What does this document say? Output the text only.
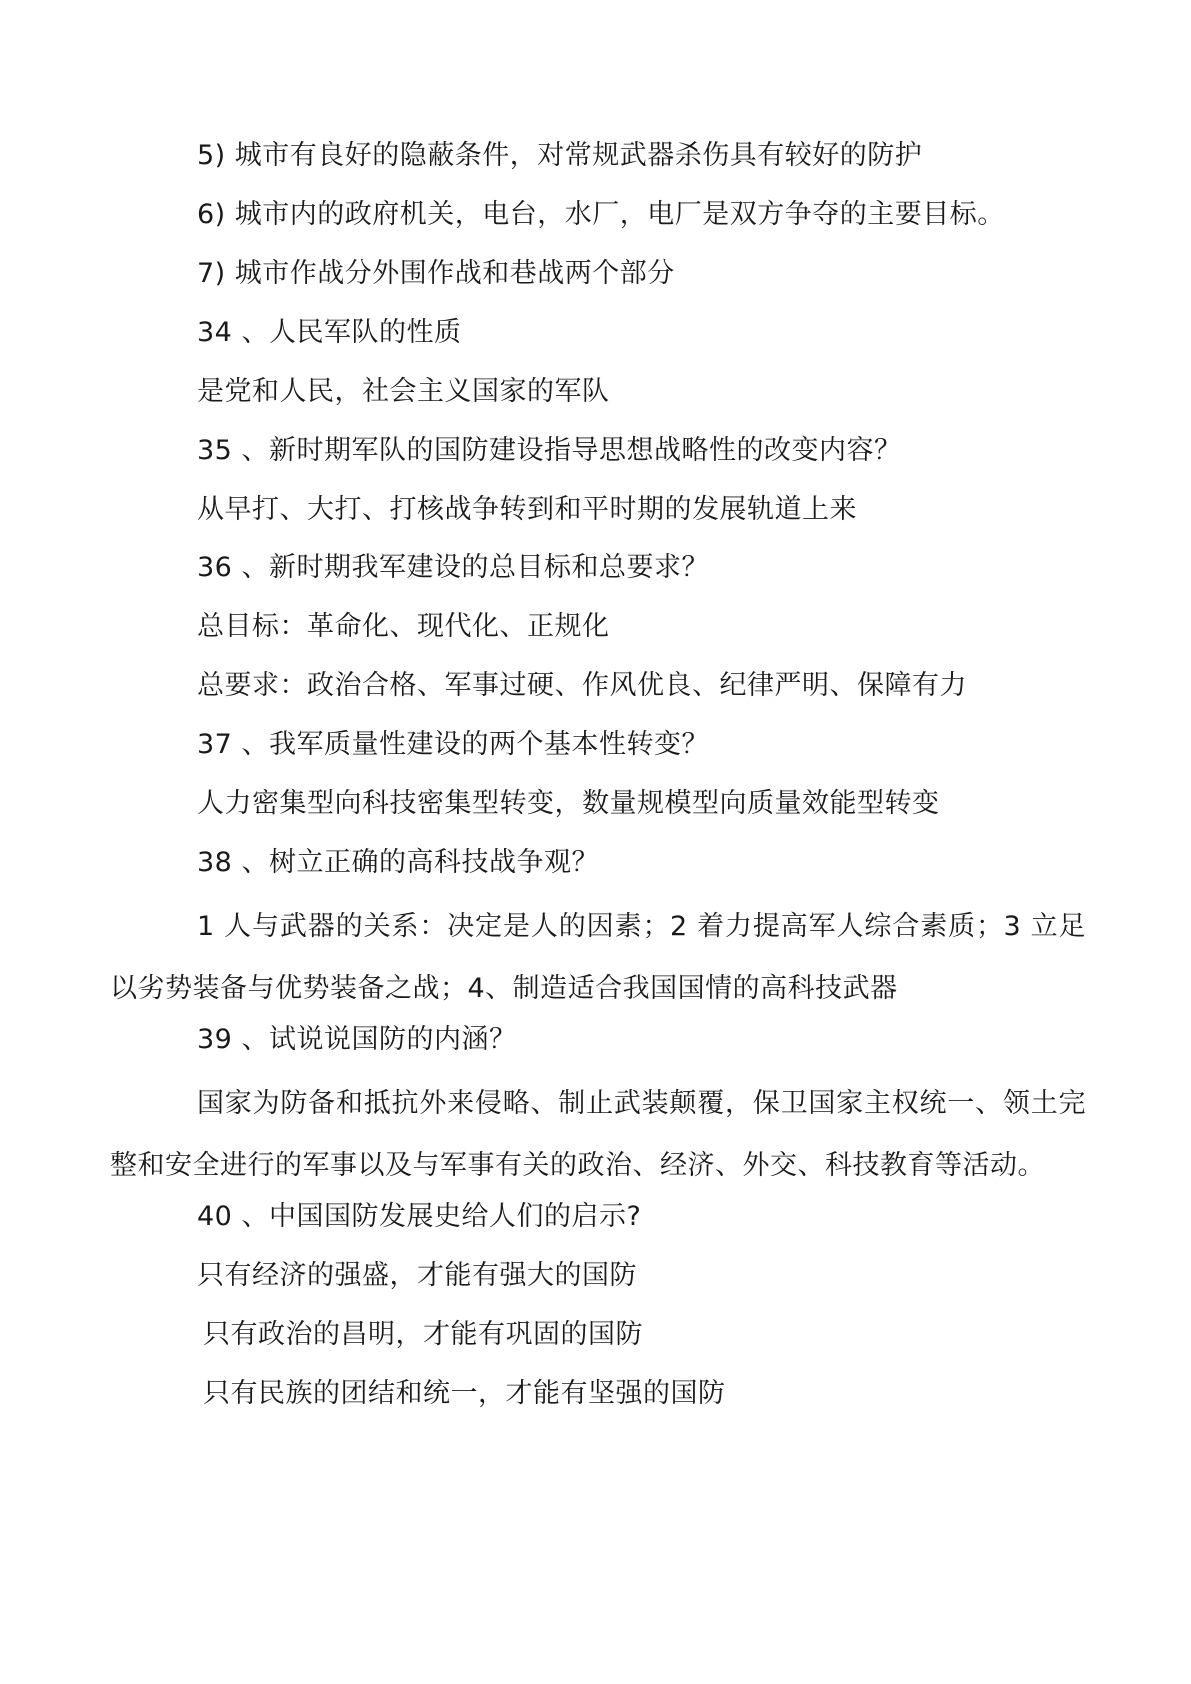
5) 城市有良好的隐蔽条件，对常规武器杀伤具有较好的防护
6) 城市内的政府机关，电台，水厂，电厂是双方争夺的主要目标。
7) 城市作战分外围作战和巷战两个部分
34 、人民军队的性质
是党和人民，社会主义国家的军队
35 、新时期军队的国防建设指导思想战略性的改变内容？
从早打、大打、打核战争转到和平时期的发展轨道上来
36 、新时期我军建设的总目标和总要求？
总目标：革命化、现代化、正规化
总要求：政治合格、军事过硬、作风优良、纪律严明、保障有力
37 、我军质量性建设的两个基本性转变？
人力密集型向科技密集型转变，数量规模型向质量效能型转变
38 、树立正确的高科技战争观？
1 人与武器的关系：决定是人的因素；2 着力提高军人综合素质；3 立足以劣势装备与优势装备之战；4、制造适合我国国情的高科技武器
39 、试说说国防的内涵？
国家为防备和抵抗外来侵略、制止武装颠覆，保卫国家主权统一、领土完整和安全进行的军事以及与军事有关的政治、经济、外交、科技教育等活动。
40 、中国国防发展史给人们的启示?
只有经济的强盛，才能有强大的国防
只有政治的昌明，才能有巩固的国防
只有民族的团结和统一，才能有坚强的国防
